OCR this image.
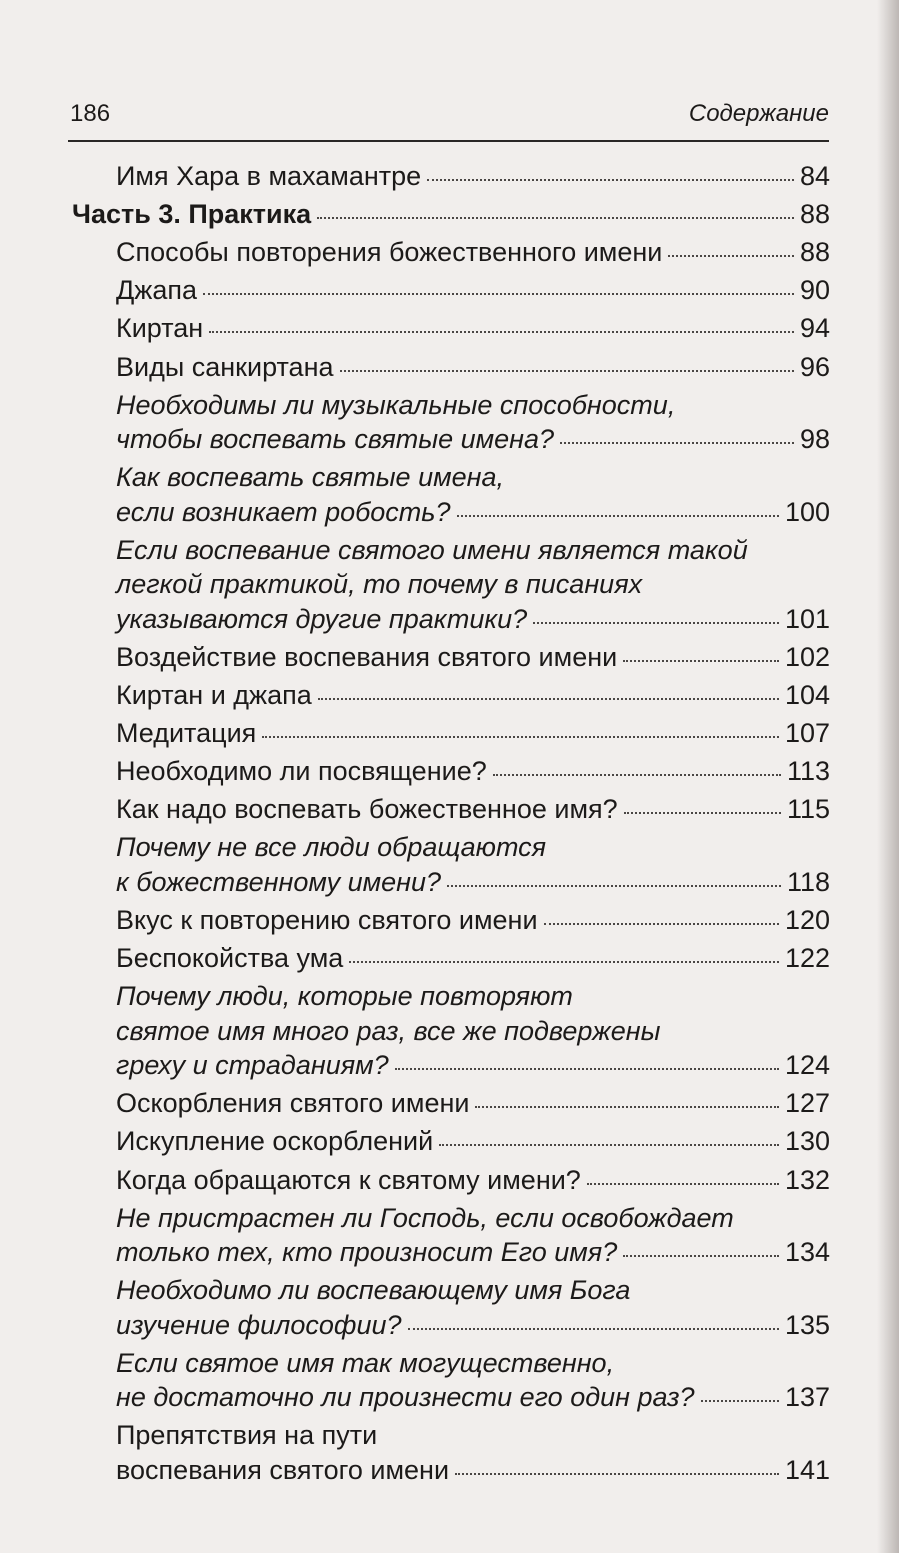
186	Содержание
Имя Хара в махамантре	84
Часть 3. Практика	88
Способы повторения божественного имени	88
Джапа	90
Киртан	94
Виды санкиртана	96
Необходимы ли музыкальные способности,
чтобы воспевать святые имена?	98
Как воспевать святые имена,
если возникает робость?	100
Если воспевание святого имени является такой
легкой практикой, то почему в писаниях
указываются другие практики?	101
Воздействие воспевания святого имени	102
Киртан и джапа	104
Медитация	107
Необходимо ли посвящение?	113
Как надо воспевать божественное имя?	115
Почему не все люди обращаются
к божественному имени?	118
Вкус к повторению святого имени	120
Беспокойства ума	122
Почему люди, которые повторяют
святое имя много раз, все же подвержены
греху и страданиям?	124
Оскорбления святого имени	127
Искупление оскорблений	130
Когда обращаются к святому имени?	132
Не пристрастен ли Господь, если освобождает
только тех, кто произносит Его имя?	134
Необходимо ли воспевающему имя Бога
изучение философии?	135
Если святое имя так могущественно,
не достаточно ли произнести его один раз?	137
Препятствия на пути
воспевания святого имени	141
